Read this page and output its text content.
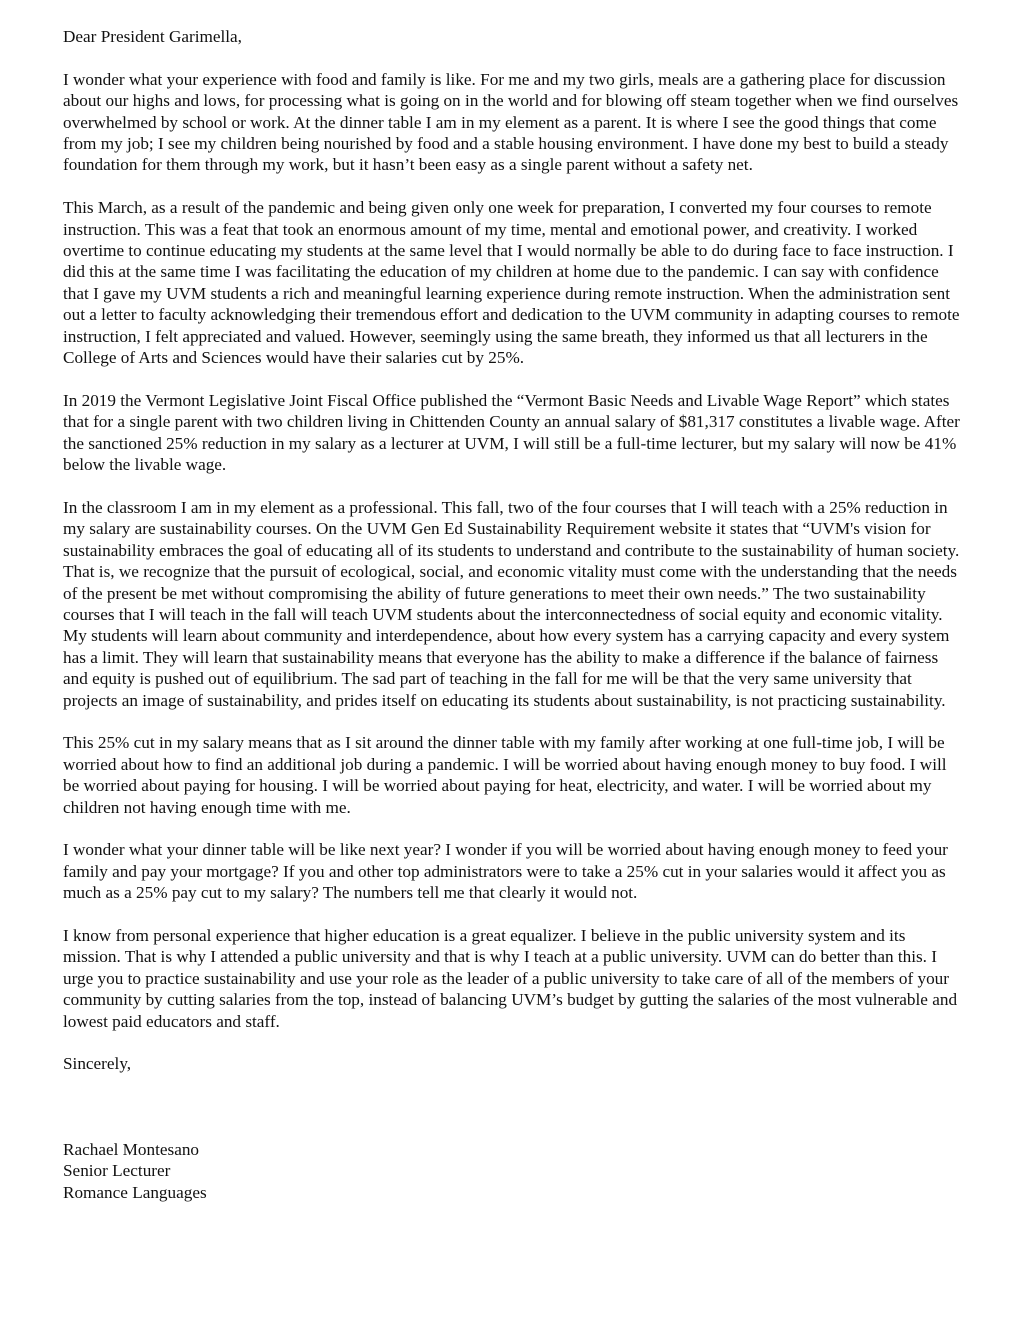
Dear President Garimella,

I wonder what your experience with food and family is like. For me and my two girls, meals are a gathering place for discussion about our highs and lows, for processing what is going on in the world and for blowing off steam together when we find ourselves overwhelmed by school or work. At the dinner table I am in my element as a parent. It is where I see the good things that come from my job; I see my children being nourished by food and a stable housing environment. I have done my best to build a steady foundation for them through my work, but it hasn’t been easy as a single parent without a safety net.

This March, as a result of the pandemic and being given only one week for preparation, I converted my four courses to remote instruction. This was a feat that took an enormous amount of my time, mental and emotional power, and creativity. I worked overtime to continue educating my students at the same level that I would normally be able to do during face to face instruction. I did this at the same time I was facilitating the education of my children at home due to the pandemic. I can say with confidence that I gave my UVM students a rich and meaningful learning experience during remote instruction. When the administration sent out a letter to faculty acknowledging their tremendous effort and dedication to the UVM community in adapting courses to remote instruction, I felt appreciated and valued. However, seemingly using the same breath, they informed us that all lecturers in the College of Arts and Sciences would have their salaries cut by 25%.

In 2019 the Vermont Legislative Joint Fiscal Office published the “Vermont Basic Needs and Livable Wage Report” which states that for a single parent with two children living in Chittenden County an annual salary of $81,317 constitutes a livable wage. After the sanctioned 25% reduction in my salary as a lecturer at UVM, I will still be a full-time lecturer, but my salary will now be 41% below the livable wage.

In the classroom I am in my element as a professional. This fall, two of the four courses that I will teach with a 25% reduction in my salary are sustainability courses. On the UVM Gen Ed Sustainability Requirement website it states that “UVM's vision for sustainability embraces the goal of educating all of its students to understand and contribute to the sustainability of human society. That is, we recognize that the pursuit of ecological, social, and economic vitality must come with the understanding that the needs of the present be met without compromising the ability of future generations to meet their own needs.” The two sustainability courses that I will teach in the fall will teach UVM students about the interconnectedness of social equity and economic vitality. My students will learn about community and interdependence, about how every system has a carrying capacity and every system has a limit. They will learn that sustainability means that everyone has the ability to make a difference if the balance of fairness and equity is pushed out of equilibrium. The sad part of teaching in the fall for me will be that the very same university that projects an image of sustainability, and prides itself on educating its students about sustainability, is not practicing sustainability.

This 25% cut in my salary means that as I sit around the dinner table with my family after working at one full-time job, I will be worried about how to find an additional job during a pandemic. I will be worried about having enough money to buy food. I will be worried about paying for housing. I will be worried about paying for heat, electricity, and water. I will be worried about my children not having enough time with me.

I wonder what your dinner table will be like next year? I wonder if you will be worried about having enough money to feed your family and pay your mortgage? If you and other top administrators were to take a 25% cut in your salaries would it affect you as much as a 25% pay cut to my salary? The numbers tell me that clearly it would not.

I know from personal experience that higher education is a great equalizer. I believe in the public university system and its mission. That is why I attended a public university and that is why I teach at a public university. UVM can do better than this. I urge you to practice sustainability and use your role as the leader of a public university to take care of all of the members of your community by cutting salaries from the top, instead of balancing UVM’s budget by gutting the salaries of the most vulnerable and lowest paid educators and staff.

Sincerely,

Rachael Montesano

Senior Lecturer

Romance Languages
